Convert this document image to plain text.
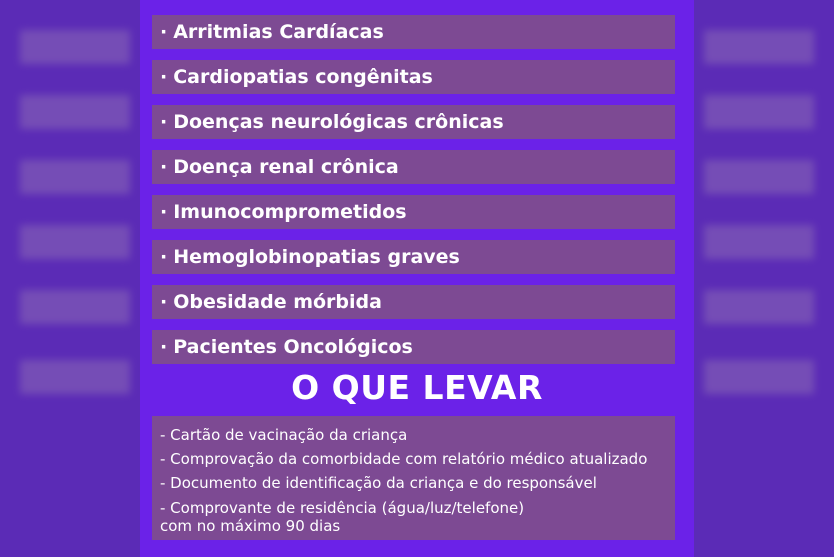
· Arritmias Cardíacas
· Cardiopatias congênitas
· Doenças neurológicas crônicas
· Doença renal crônica
· Imunocomprometidos
· Hemoglobinopatias graves
· Obesidade mórbida
· Pacientes Oncológicos
O QUE LEVAR
- Cartão de vacinação da criança
- Comprovação da comorbidade com relatório médico atualizado
- Documento de identificação da criança e do responsável
- Comprovante de residência (água/luz/telefone)
com no máximo 90 dias
